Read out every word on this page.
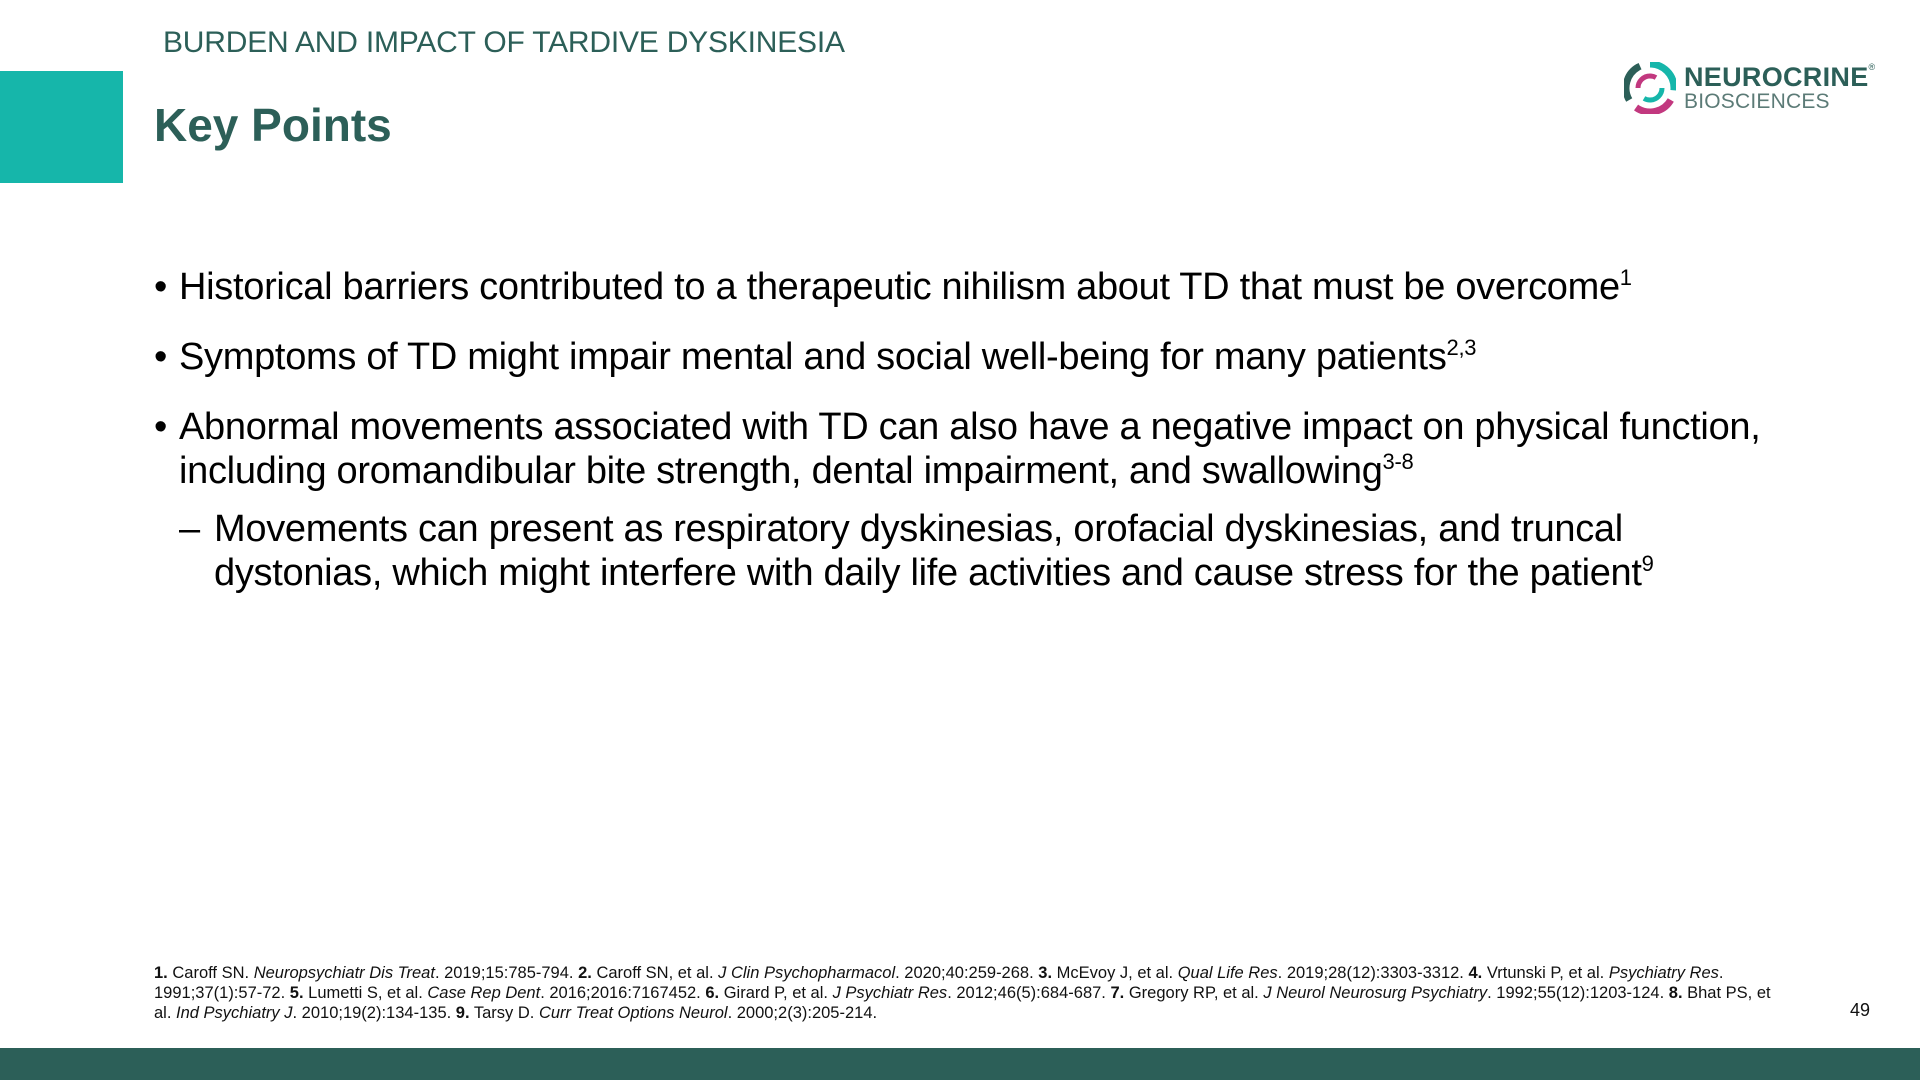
BURDEN AND IMPACT OF TARDIVE DYSKINESIA
Key Points
NEUROCRINE®
BIOSCIENCES
• Historical barriers contributed to a therapeutic nihilism about TD that must be overcome$^1$
• Symptoms of TD might impair mental and social well-being for many patients$^{2,3}$
• Abnormal movements associated with TD can also have a negative impact on physical function, including oromandibular bite strength, dental impairment, and swallowing$^{3-8}$
– Movements can present as respiratory dyskinesias, orofacial dyskinesias, and truncal dystonias, which might interfere with daily life activities and cause stress for the patient$^9$
1. Caroff SN. Neuropsychiatr Dis Treat. 2019;15:785-794. 2. Caroff SN, et al. J Clin Psychopharmacol. 2020;40:259-268. 3. McEvoy J, et al. Qual Life Res. 2019;28(12):3303-3312. 4. Vrtunski P, et al. Psychiatry Res. 1991;37(1):57-72. 5. Lumetti S, et al. Case Rep Dent. 2016;2016:7167452. 6. Girard P, et al. J Psychiatr Res. 2012;46(5):684-687. 7. Gregory RP, et al. J Neurol Neurosurg Psychiatry. 1992;55(12):1203-124. 8. Bhat PS, et al. Ind Psychiatry J. 2010;19(2):134-135. 9. Tarsy D. Curr Treat Options Neurol. 2000;2(3):205-214.	49
